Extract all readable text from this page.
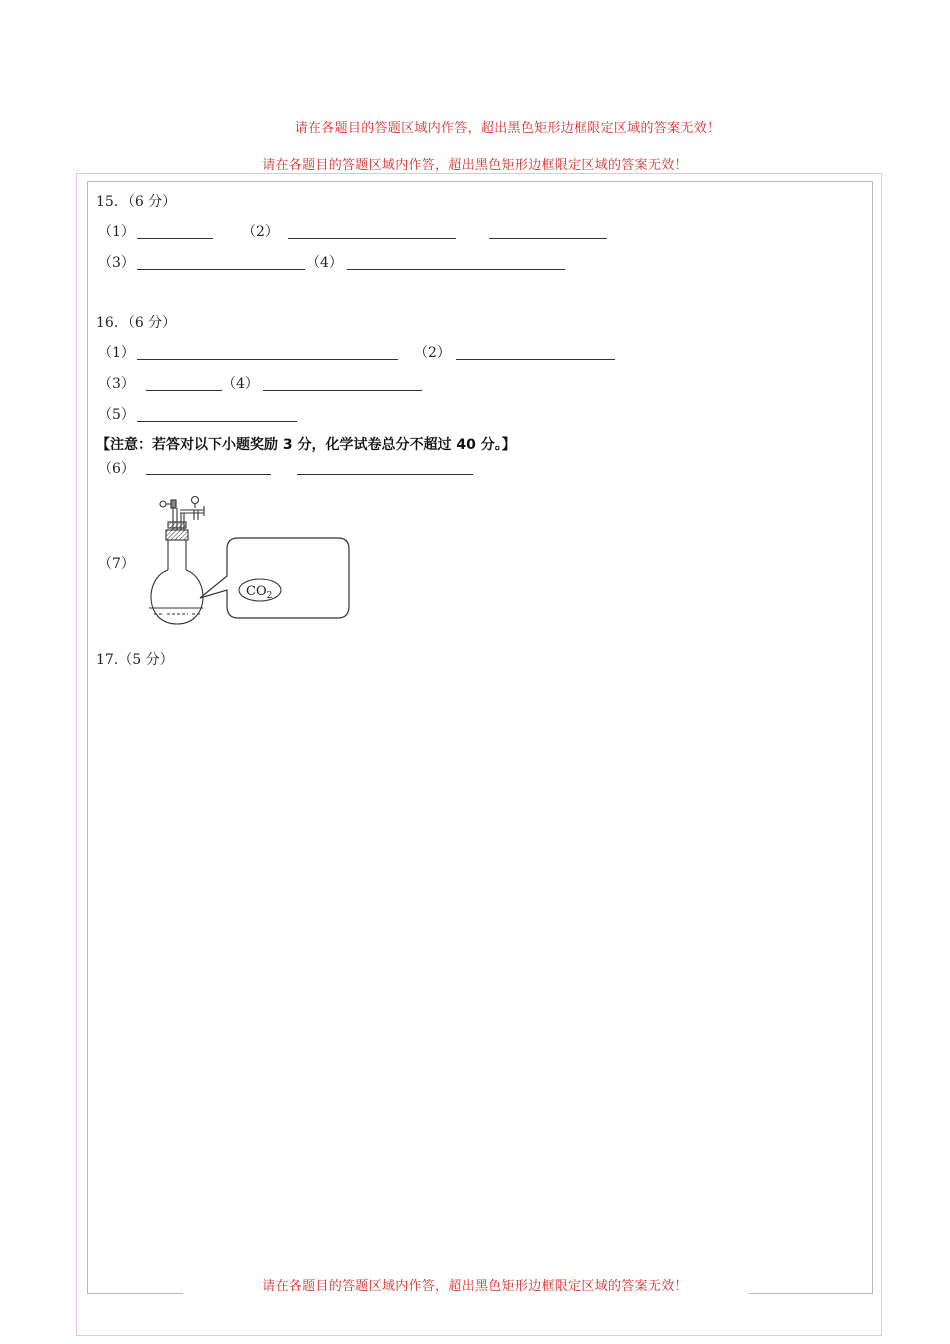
请在各题目的答题区域内作答，超出黑色矩形边框限定区域的答案无效！
请在各题目的答题区域内作答，超出黑色矩形边框限定区域的答案无效！
请在各题目的答题区域内作答，超出黑色矩形边框限定区域的答案无效！
15．（6 分）
（1）	（2）
（3）	（4）
16．（6 分）
（1）	（2）
（3）	（4）
（5）
【注意：若答对以下小题奖励 3 分，化学试卷总分不超过 40 分。】
（6）
（7）
$CO_2$
17.（5 分）
